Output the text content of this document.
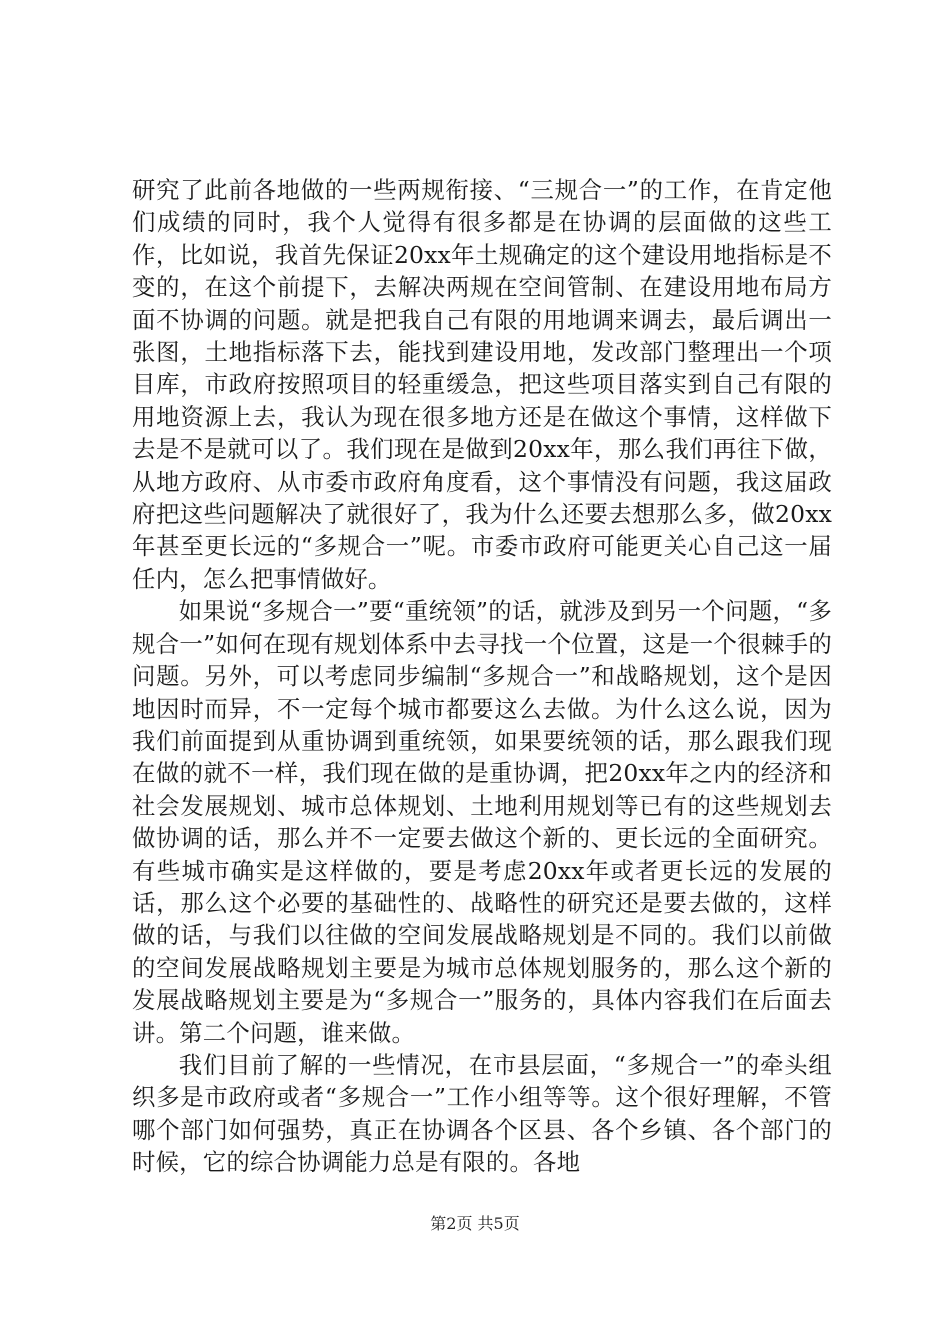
研究了此前各地做的一些两规衔接、“三规合一”的工作，在肯定他们成绩的同时，我个人觉得有很多都是在协调的层面做的这些工作，比如说，我首先保证20xx年土规确定的这个建设用地指标是不变的，在这个前提下，去解决两规在空间管制、在建设用地布局方面不协调的问题。就是把我自己有限的用地调来调去，最后调出一张图，土地指标落下去，能找到建设用地，发改部门整理出一个项目库，市政府按照项目的轻重缓急，把这些项目落实到自己有限的用地资源上去，我认为现在很多地方还是在做这个事情，这样做下去是不是就可以了。我们现在是做到20xx年，那么我们再往下做，从地方政府、从市委市政府角度看，这个事情没有问题，我这届政府把这些问题解决了就很好了，我为什么还要去想那么多，做20xx年甚至更长远的“多规合一”呢。市委市政府可能更关心自己这一届任内，怎么把事情做好。

如果说“多规合一”要“重统领”的话，就涉及到另一个问题，“多规合一”如何在现有规划体系中去寻找一个位置，这是一个很棘手的问题。另外，可以考虑同步编制“多规合一”和战略规划，这个是因地因时而异，不一定每个城市都要这么去做。为什么这么说，因为我们前面提到从重协调到重统领，如果要统领的话，那么跟我们现在做的就不一样，我们现在做的是重协调，把20xx年之内的经济和社会发展规划、城市总体规划、土地利用规划等已有的这些规划去做协调的话，那么并不一定要去做这个新的、更长远的全面研究。有些城市确实是这样做的，要是考虑20xx年或者更长远的发展的话，那么这个必要的基础性的、战略性的研究还是要去做的，这样做的话，与我们以往做的空间发展战略规划是不同的。我们以前做的空间发展战略规划主要是为城市总体规划服务的，那么这个新的发展战略规划主要是为“多规合一”服务的，具体内容我们在后面去讲。第二个问题，谁来做。

我们目前了解的一些情况，在市县层面，“多规合一”的牵头组织多是市政府或者“多规合一”工作小组等等。这个很好理解，不管哪个部门如何强势，真正在协调各个区县、各个乡镇、各个部门的时候，它的综合协调能力总是有限的。各地

第2页 共5页
